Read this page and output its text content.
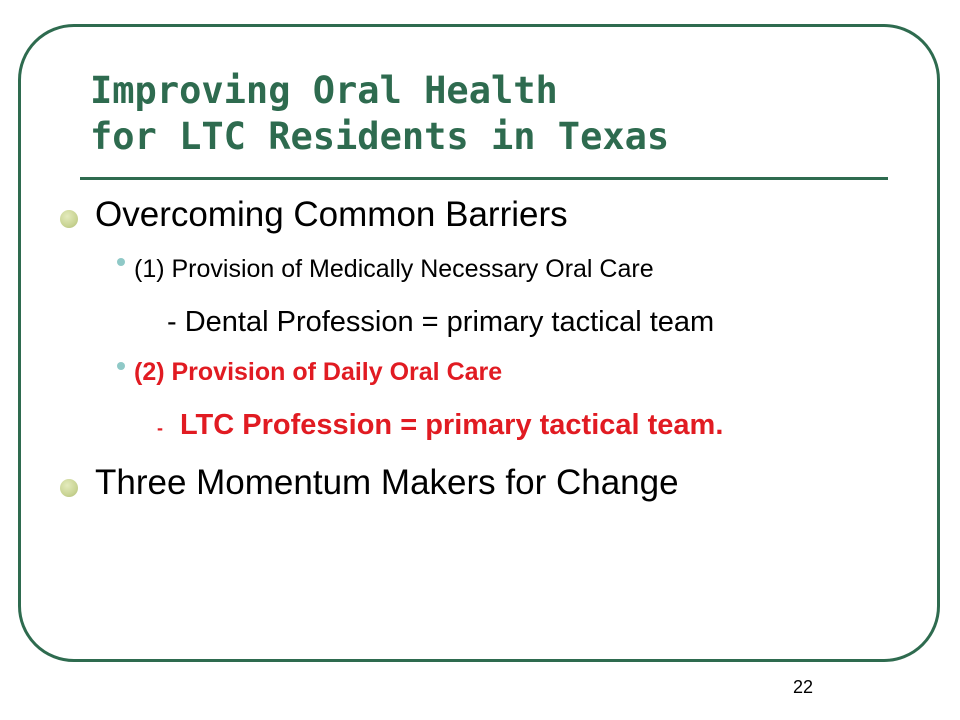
Improving Oral Health
for LTC Residents in Texas
Overcoming Common Barriers
(1) Provision of Medically Necessary Oral Care
- Dental Profession = primary tactical team
(2) Provision of Daily Oral Care
- LTC Profession = primary tactical team.
Three Momentum Makers for Change
22
